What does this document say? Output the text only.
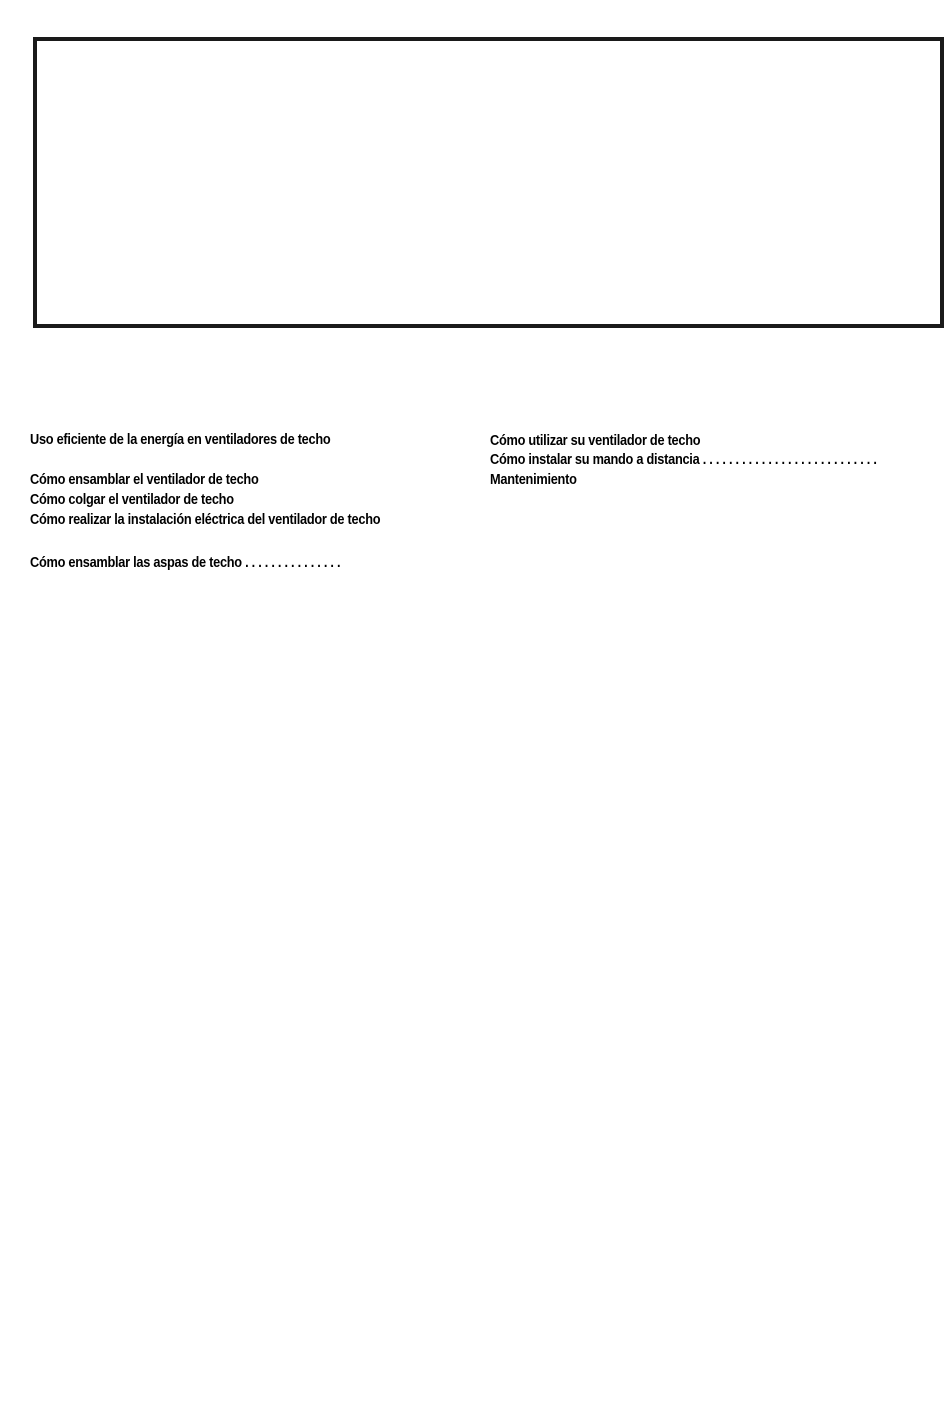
Uso eficiente de la energía en ventiladores de techo
Cómo ensamblar el ventilador de techo
Cómo colgar el ventilador de techo
Cómo realizar la instalación eléctrica del ventilador de techo
Cómo ensamblar las aspas de techo . . . . . . . . . . . . . . .
Cómo utilizar su ventilador de techo
Cómo instalar su mando a distancia . . . . . . . . . . . . . . . . . . . . . . . . . . .
Mantenimiento
